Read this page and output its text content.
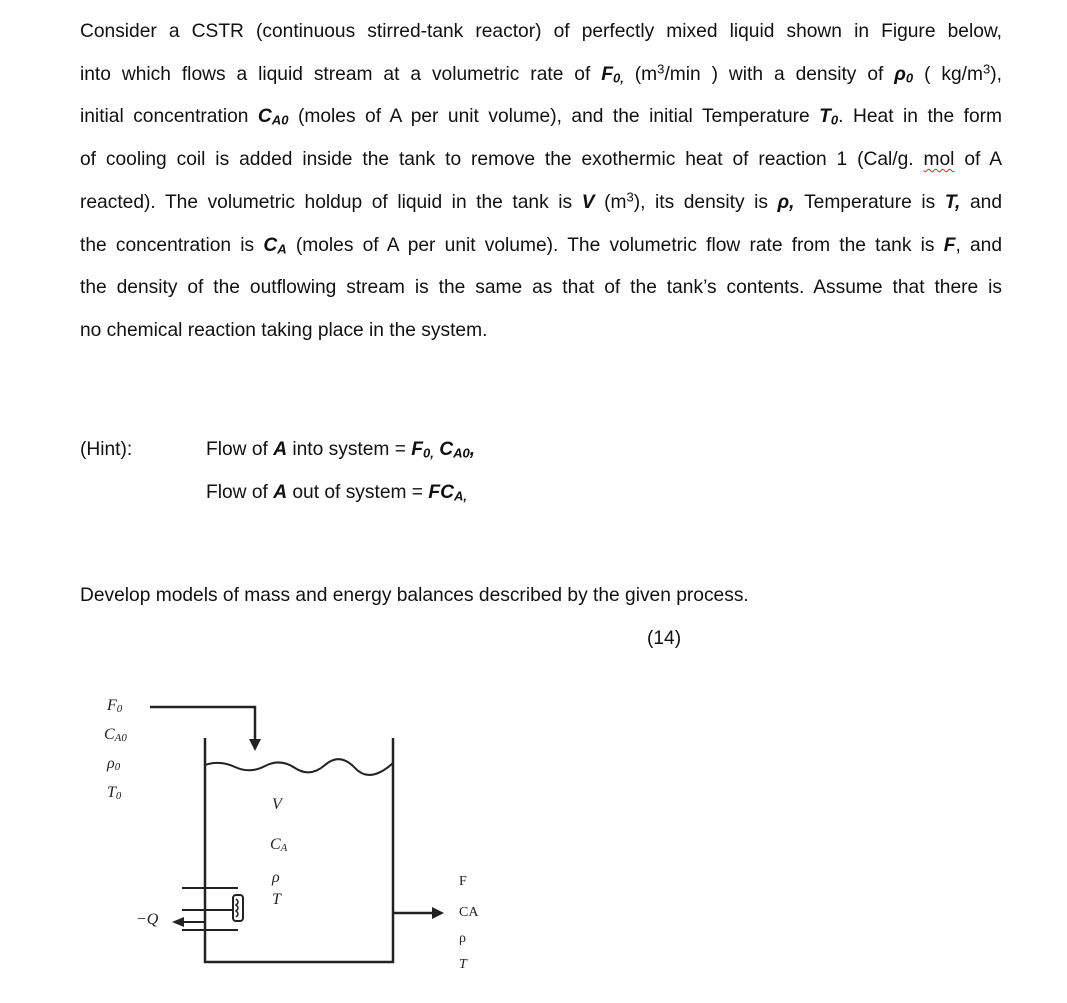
Consider a CSTR (continuous stirred-tank reactor) of perfectly mixed liquid shown in Figure below,
into which flows a liquid stream at a volumetric rate of $F_{0,}$ ($m^3/\min$ ) with a density of $\rho_0$ ( $kg/m^3$),
initial concentration $C_{A0}$ (moles of A per unit volume), and the initial Temperature $T_0$. Heat in the form
of cooling coil is added inside the tank to remove the exothermic heat of reaction 1 (Cal/g. mol of A
reacted). The volumetric holdup of liquid in the tank is V $(m^3)$, its density is ρ, Temperature is T, and
the concentration is $C_A$ (moles of A per unit volume). The volumetric flow rate from the tank is F, and
the density of the outflowing stream is the same as that of the tank’s contents. Assume that there is
no chemical reaction taking place in the system.
(Hint):	Flow of A into system = $F_{0,}$ $C_{A0}$,
Flow of A out of system = $FC_{A,}$
Develop models of mass and energy balances described by the given process.
(14)
$F_0$
$C_{A0}$
$\rho_0$
$T_0$	V
$C_A$
ρ
T
−Q
F
CA
ρ
T
